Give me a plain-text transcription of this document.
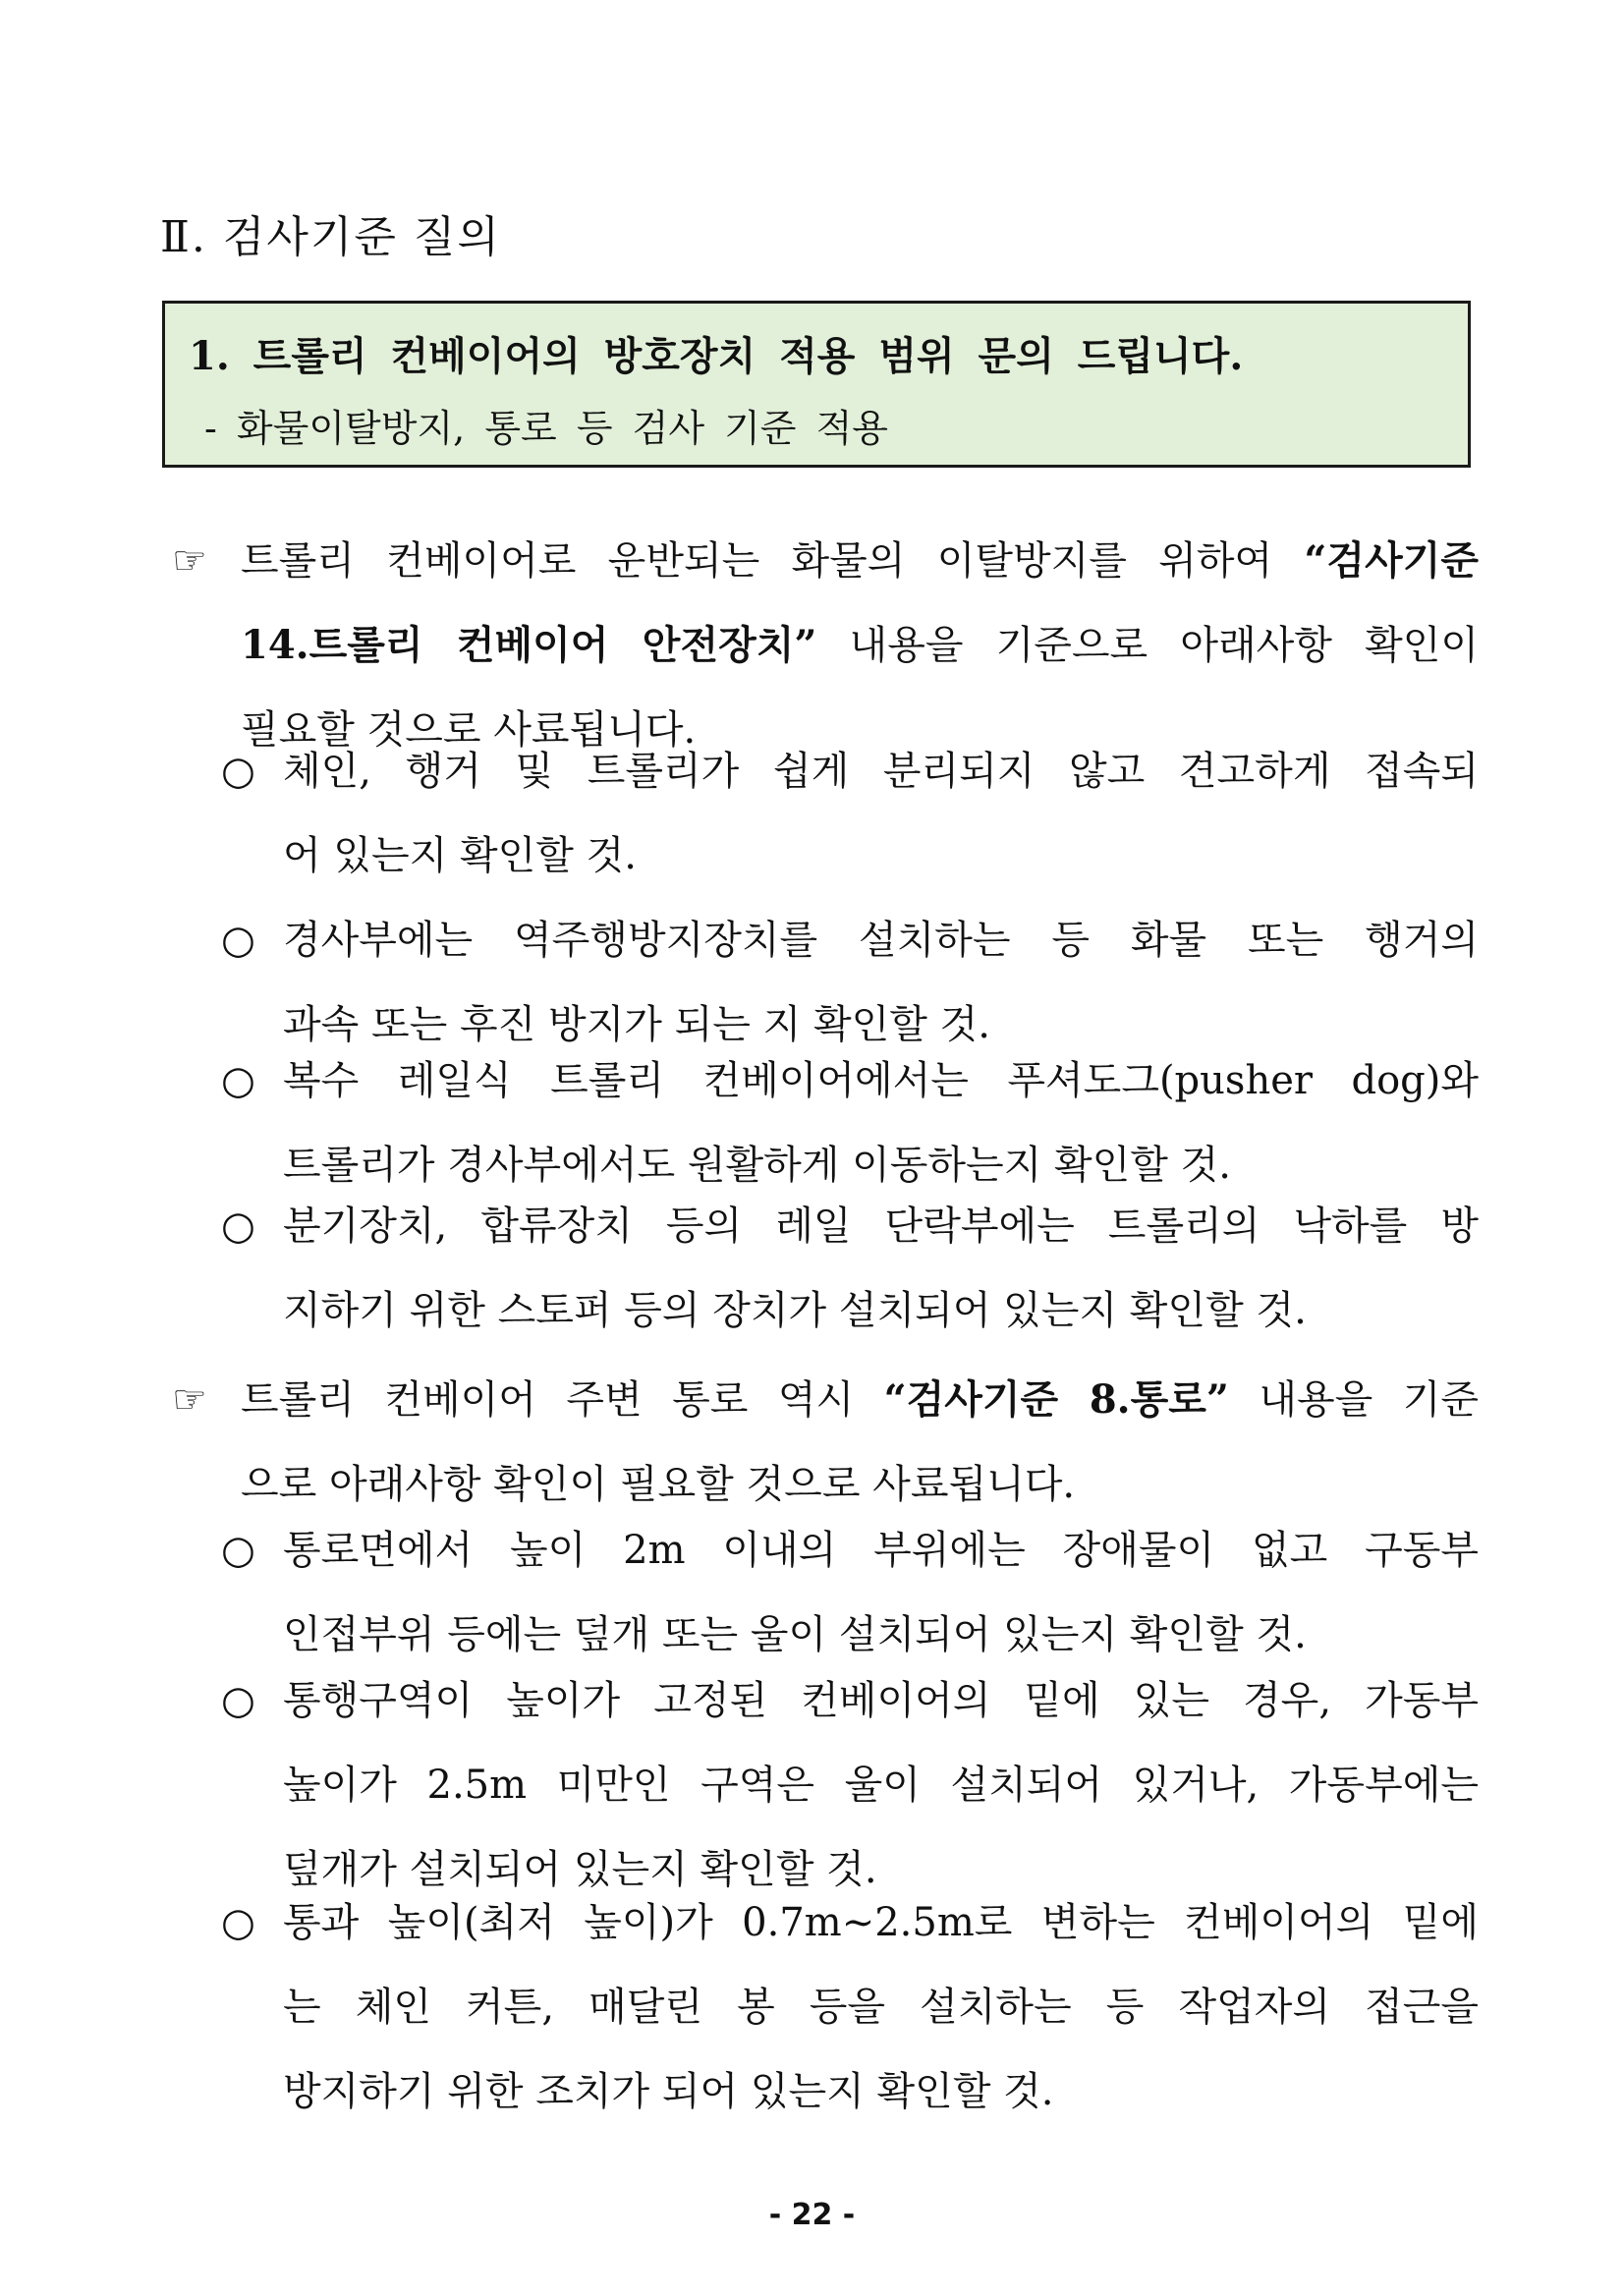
Ⅱ. 검사기준 질의
1. 트롤리 컨베이어의 방호장치 적용 범위 문의 드립니다.
- 화물이탈방지, 통로 등 검사 기준 적용
☞ 트롤리 컨베이어로 운반되는 화물의 이탈방지를 위하여 “검사기준
14.트롤리 컨베이어 안전장치” 내용을 기준으로 아래사항 확인이
필요할 것으로 사료됩니다.
○ 체인, 행거 및 트롤리가 쉽게 분리되지 않고 견고하게 접속되
어 있는지 확인할 것.
○ 경사부에는 역주행방지장치를 설치하는 등 화물 또는 행거의
과속 또는 후진 방지가 되는 지 확인할 것.
○ 복수 레일식 트롤리 컨베이어에서는 푸셔도그(pusher dog)와
트롤리가 경사부에서도 원활하게 이동하는지 확인할 것.
○ 분기장치, 합류장치 등의 레일 단락부에는 트롤리의 낙하를 방
지하기 위한 스토퍼 등의 장치가 설치되어 있는지 확인할 것.
☞ 트롤리 컨베이어 주변 통로 역시 “검사기준 8.통로” 내용을 기준
으로 아래사항 확인이 필요할 것으로 사료됩니다.
○ 통로면에서 높이 2m 이내의 부위에는 장애물이 없고 구동부
인접부위 등에는 덮개 또는 울이 설치되어 있는지 확인할 것.
○ 통행구역이 높이가 고정된 컨베이어의 밑에 있는 경우, 가동부
높이가 2.5m 미만인 구역은 울이 설치되어 있거나, 가동부에는
덮개가 설치되어 있는지 확인할 것.
○ 통과 높이(최저 높이)가 0.7m∼2.5m로 변하는 컨베이어의 밑에
는 체인 커튼, 매달린 봉 등을 설치하는 등 작업자의 접근을
방지하기 위한 조치가 되어 있는지 확인할 것.
- 22 -
